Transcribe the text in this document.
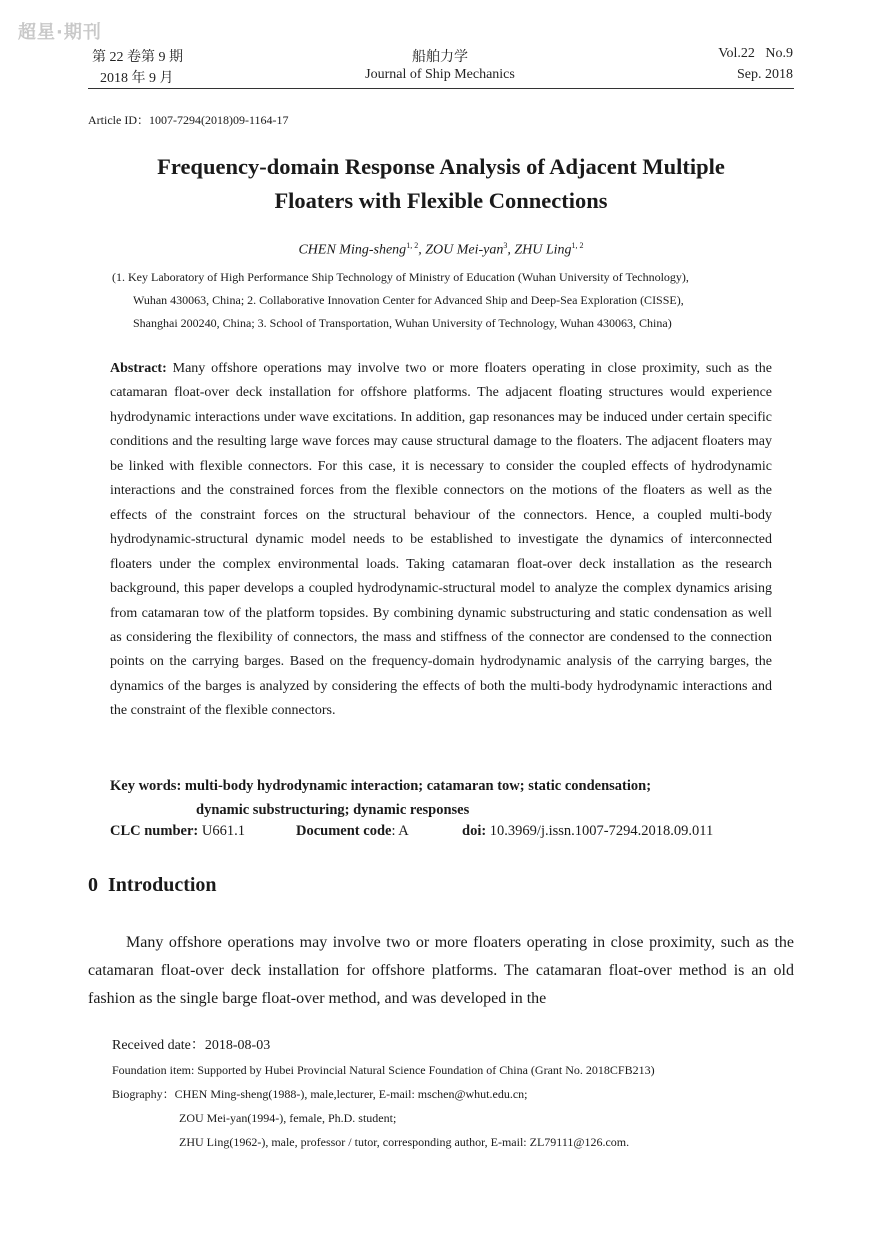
超星·期刊
第 22 卷第 9 期
2018 年 9 月
船舶力学
Journal of Ship Mechanics
Vol.22   No.9
Sep. 2018
Article ID：1007-7294(2018)09-1164-17
Frequency-domain Response Analysis of Adjacent Multiple
Floaters with Flexible Connections
CHEN Ming-sheng$^{1, 2}$, ZOU Mei-yan$^3$, ZHU Ling$^{1, 2}$
(1. Key Laboratory of High Performance Ship Technology of Ministry of Education (Wuhan University of Technology),
Wuhan 430063, China; 2. Collaborative Innovation Center for Advanced Ship and Deep-Sea Exploration (CISSE),
Shanghai 200240, China; 3. School of Transportation, Wuhan University of Technology, Wuhan 430063, China)
Abstract: Many offshore operations may involve two or more floaters operating in close proximity, such as the catamaran float-over deck installation for offshore platforms. The adjacent floating structures would experience hydrodynamic interactions under wave excitations. In addition, gap resonances may be induced under certain specific conditions and the resulting large wave forces may cause structural damage to the floaters. The adjacent floaters may be linked with flexible connectors. For this case, it is necessary to consider the coupled effects of hydrodynamic interactions and the constrained forces from the flexible connectors on the motions of the floaters as well as the effects of the constraint forces on the structural behaviour of the connectors. Hence, a coupled multi-body hydrodynamic-structural dynamic model needs to be established to investigate the dynamics of interconnected floaters under the complex environmental loads. Taking catamaran float-over deck installation as the research background, this paper develops a coupled hydrodynamic-structural model to analyze the complex dynamics arising from catamaran tow of the platform topsides. By combining dynamic substructuring and static condensation as well as considering the flexibility of connectors, the mass and stiffness of the connector are condensed to the connection points on the carrying barges. Based on the frequency-domain hydrodynamic analysis of the carrying barges, the dynamics of the barges is analyzed by considering the effects of both the multi-body hydrodynamic interactions and the constraint of the flexible connectors.
Key words: multi-body hydrodynamic interaction; catamaran tow; static condensation;
dynamic substructuring; dynamic responses
CLC number: U661.1	Document code: A	doi: 10.3969/j.issn.1007-7294.2018.09.011
0 Introduction
Many offshore operations may involve two or more floaters operating in close proximity, such as the catamaran float-over deck installation for offshore platforms. The catamaran float-over method is an old fashion as the single barge float-over method, and was developed in the
Received date：2018-08-03
Foundation item: Supported by Hubei Provincial Natural Science Foundation of China (Grant No. 2018CFB213)
Biography：CHEN Ming-sheng(1988-), male,lecturer, E-mail: mschen@whut.edu.cn;
ZOU Mei-yan(1994-), female, Ph.D. student;
ZHU Ling(1962-), male, professor / tutor, corresponding author, E-mail: ZL79111@126.com.
